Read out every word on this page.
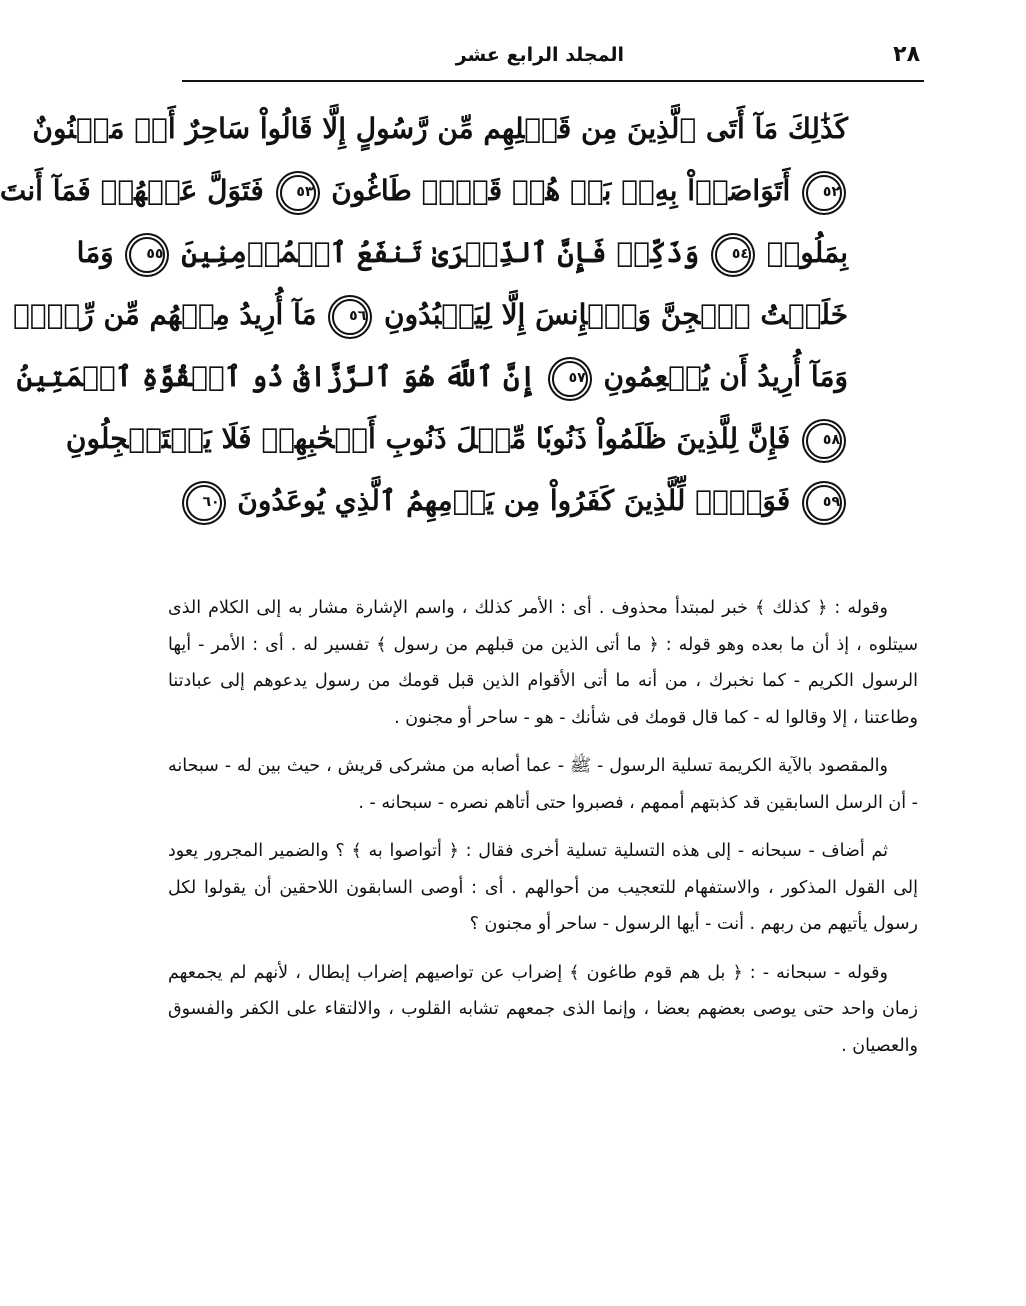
٢٨
المجلد الرابع عشر
كَذَٰلِكَ مَآ أَتَى ٱلَّذِينَ مِن قَبۡلِهِم مِّن رَّسُولٍ إِلَّا قَالُواْ سَاحِرٌ أَوۡ مَجۡنُونٌ
٥٢ أَتَوَاصَوۡاْ بِهِۦۚ بَلۡ هُمۡ قَوۡمٞ طَاغُونَ ٥٣ فَتَوَلَّ عَنۡهُمۡ فَمَآ أَنتَ
بِمَلُومٖ ٥٤ وَذَكِّرۡ فَإِنَّ ٱلذِّكۡرَىٰ تَنفَعُ ٱلۡمُؤۡمِنِينَ ٥٥ وَمَا
خَلَقۡتُ ٱلۡجِنَّ وَٱلۡإِنسَ إِلَّا لِيَعۡبُدُونِ ٥٦ مَآ أُرِيدُ مِنۡهُم مِّن رِّزۡقٖ
وَمَآ أُرِيدُ أَن يُطۡعِمُونِ ٥٧ إِنَّ ٱللَّهَ هُوَ ٱلرَّزَّاقُ ذُو ٱلۡقُوَّةِ ٱلۡمَتِينُ
٥٨ فَإِنَّ لِلَّذِينَ ظَلَمُواْ ذَنُوبٗا مِّثۡلَ ذَنُوبِ أَصۡحَٰبِهِمۡ فَلَا يَسۡتَعۡجِلُونِ
٥٩ فَوَيۡلٞ لِّلَّذِينَ كَفَرُواْ مِن يَوۡمِهِمُ ٱلَّذِي يُوعَدُونَ ٦٠

وقوله : ﴿ كذلك ﴾ خبر لمبتدأ محذوف . أى : الأمر كذلك ، واسم الإشارة مشار به إلى الكلام الذى سيتلوه ، إذ أن ما بعده وهو قوله : ﴿ ما أتى الذين من قبلهم من رسول ﴾ تفسير له . أى : الأمر - أيها الرسول الكريم - كما نخبرك ، من أنه ما أتى الأقوام الذين قبل قومك من رسول يدعوهم إلى عبادتنا وطاعتنا ، إلا وقالوا له - كما قال قومك فى شأنك - هو - ساحر أو مجنون .

والمقصود بالآية الكريمة تسلية الرسول - ﷺ - عما أصابه من مشركى قريش ، حيث بين له - سبحانه - أن الرسل السابقين قد كذبتهم أممهم ، فصبروا حتى أتاهم نصره - سبحانه - .

ثم أضاف - سبحانه - إلى هذه التسلية تسلية أخرى فقال : ﴿ أتواصوا به ﴾ ؟ والضمير المجرور يعود إلى القول المذكور ، والاستفهام للتعجيب من أحوالهم . أى : أوصى السابقون اللاحقين أن يقولوا لكل رسول يأتيهم من ربهم . أنت - أيها الرسول - ساحر أو مجنون ؟

وقوله - سبحانه - : ﴿ بل هم قوم طاغون ﴾ إضراب عن تواصيهم إضراب إبطال ، لأنهم لم يجمعهم زمان واحد حتى يوصى بعضهم بعضا ، وإنما الذى جمعهم تشابه القلوب ، والالتقاء على الكفر والفسوق والعصيان .
